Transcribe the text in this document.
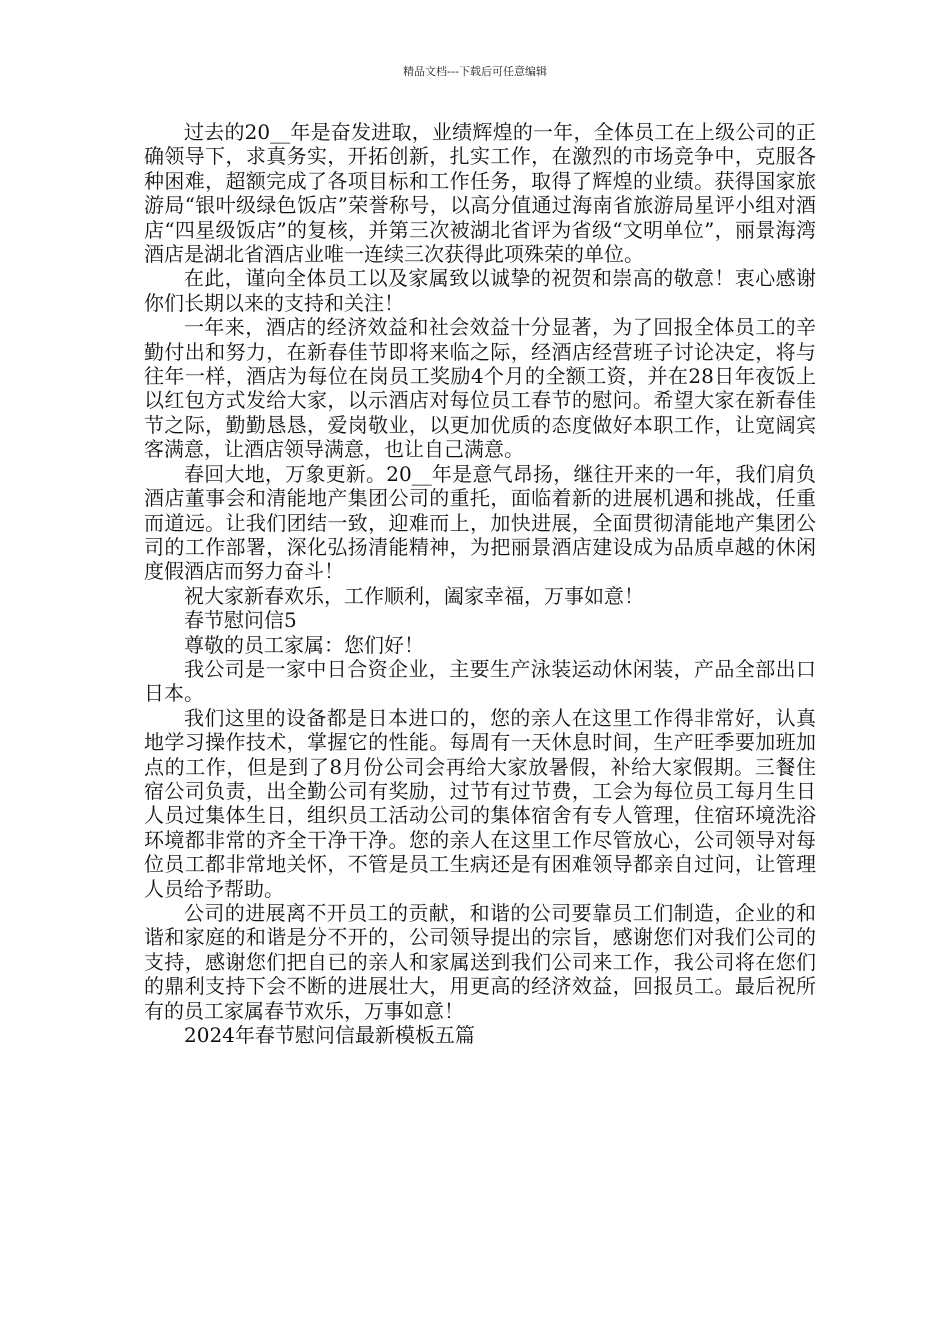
精品文档---下载后可任意编辑

过去的20__年是奋发进取，业绩辉煌的一年，全体员工在上级公司的正确领导下，求真务实，开拓创新，扎实工作，在激烈的市场竞争中，克服各种困难，超额完成了各项目标和工作任务，取得了辉煌的业绩。获得国家旅游局“银叶级绿色饭店”荣誉称号，以高分值通过海南省旅游局星评小组对酒店“四星级饭店”的复核，并第三次被湖北省评为省级“文明单位”，丽景海湾酒店是湖北省酒店业唯一连续三次获得此项殊荣的单位。

在此，谨向全体员工以及家属致以诚挚的祝贺和崇高的敬意！衷心感谢你们长期以来的支持和关注！

一年来，酒店的经济效益和社会效益十分显著，为了回报全体员工的辛勤付出和努力，在新春佳节即将来临之际，经酒店经营班子讨论决定，将与往年一样，酒店为每位在岗员工奖励4个月的全额工资，并在28日年夜饭上以红包方式发给大家，以示酒店对每位员工春节的慰问。希望大家在新春佳节之际，勤勤恳恳，爱岗敬业，以更加优质的态度做好本职工作，让宽阔宾客满意，让酒店领导满意，也让自己满意。

春回大地，万象更新。20__年是意气昂扬，继往开来的一年，我们肩负酒店董事会和清能地产集团公司的重托，面临着新的进展机遇和挑战，任重而道远。让我们团结一致，迎难而上，加快进展，全面贯彻清能地产集团公司的工作部署，深化弘扬清能精神，为把丽景酒店建设成为品质卓越的休闲度假酒店而努力奋斗！

祝大家新春欢乐，工作顺利，阖家幸福，万事如意！

春节慰问信5

尊敬的员工家属：您们好！

我公司是一家中日合资企业，主要生产泳装运动休闲装，产品全部出口日本。

我们这里的设备都是日本进口的，您的亲人在这里工作得非常好，认真地学习操作技术，掌握它的性能。每周有一天休息时间，生产旺季要加班加点的工作，但是到了8月份公司会再给大家放暑假，补给大家假期。三餐住宿公司负责，出全勤公司有奖励，过节有过节费，工会为每位员工每月生日人员过集体生日，组织员工活动公司的集体宿舍有专人管理，住宿环境洗浴环境都非常的齐全干净干净。您的亲人在这里工作尽管放心，公司领导对每位员工都非常地关怀，不管是员工生病还是有困难领导都亲自过问，让管理人员给予帮助。

公司的进展离不开员工的贡献，和谐的公司要靠员工们制造，企业的和谐和家庭的和谐是分不开的，公司领导提出的宗旨，感谢您们对我们公司的支持，感谢您们把自已的亲人和家属送到我们公司来工作，我公司将在您们的鼎利支持下会不断的进展壮大，用更高的经济效益，回报员工。最后祝所有的员工家属春节欢乐，万事如意！

2024年春节慰问信最新模板五篇
